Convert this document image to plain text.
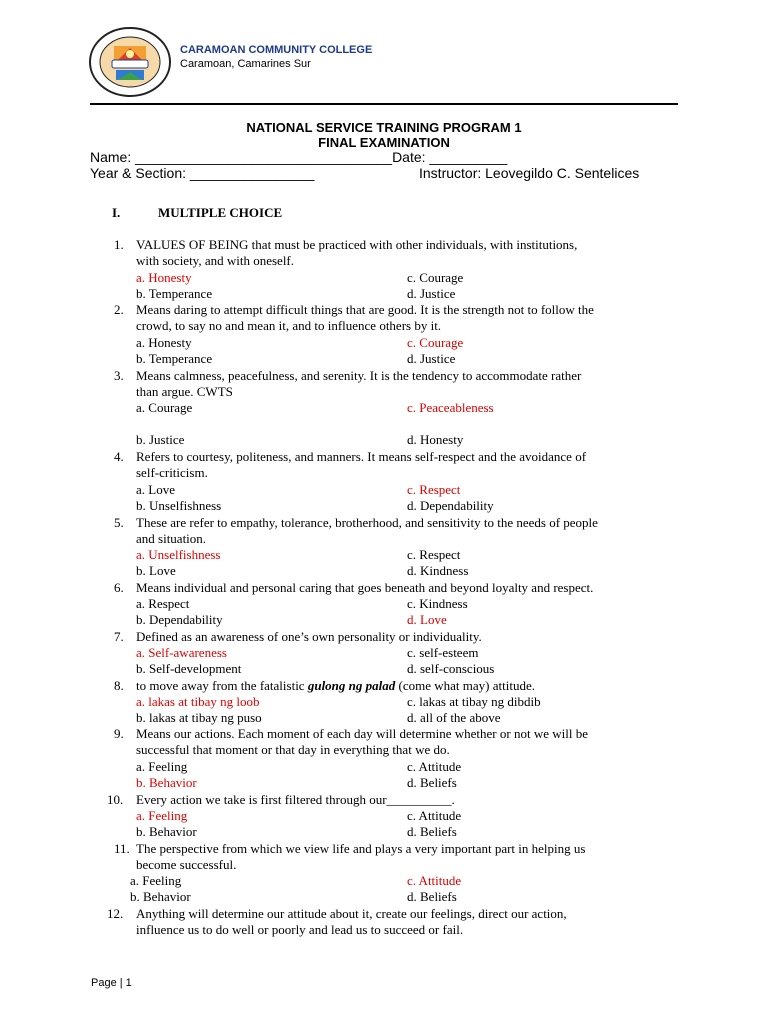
CARAMOAN COMMUNITY COLLEGE
Caramoan, Camarines Sur
NATIONAL SERVICE TRAINING PROGRAM 1
FINAL EXAMINATION
Name: _________________________________Date: __________
Year & Section: ________________	Instructor: Leovegildo C. Sentelices
I.	MULTIPLE CHOICE
1. VALUES OF BEING that must be practiced with other individuals, with institutions,
with society, and with oneself.
a. Honesty
b. Temperance
c. Courage
d. Justice
2. Means daring to attempt difficult things that are good. It is the strength not to follow the
crowd, to say no and mean it, and to influence others by it.
a. Honesty
b. Temperance
c. Courage
d. Justice
3. Means calmness, peacefulness, and serenity. It is the tendency to accommodate rather
than argue. CWTS
a. Courage	c. Peaceableness
b. Justice	d. Honesty
4. Refers to courtesy, politeness, and manners. It means self-respect and the avoidance of
self-criticism.
a. Love
b. Unselfishness
c. Respect
d. Dependability
5. These are refer to empathy, tolerance, brotherhood, and sensitivity to the needs of people
and situation.
a. Unselfishness
b. Love
c. Respect
d. Kindness
6. Means individual and personal caring that goes beneath and beyond loyalty and respect.
a. Respect
b. Dependability
c. Kindness
d. Love
7. Defined as an awareness of one’s own personality or individuality.
a. Self-awareness
b. Self-development
c. self-esteem
d. self-conscious
8. to move away from the fatalistic gulong ng palad (come what may) attitude.
a. lakas at tibay ng loob
b. lakas at tibay ng puso
c. lakas at tibay ng dibdib
d. all of the above
9. Means our actions. Each moment of each day will determine whether or not we will be
successful that moment or that day in everything that we do.
a. Feeling
b. Behavior
c. Attitude
d. Beliefs
10. Every action we take is first filtered through our__________.
a. Feeling
b. Behavior
c. Attitude
d. Beliefs
11. The perspective from which we view life and plays a very important part in helping us
become successful.
a. Feeling
b. Behavior
c. Attitude
d. Beliefs
12. Anything will determine our attitude about it, create our feelings, direct our action,
influence us to do well or poorly and lead us to succeed or fail.
Page | 1
